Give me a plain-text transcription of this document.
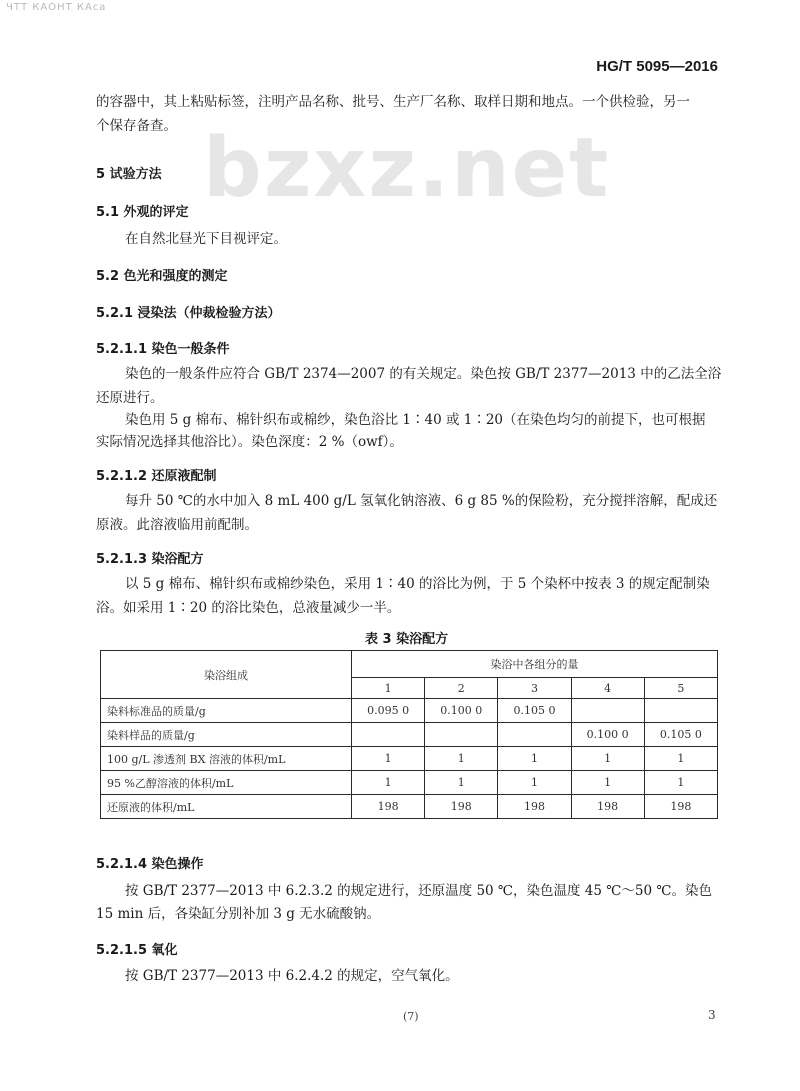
ЧТТ КАОНТ КАса
HG/T 5095—2016
bzxz.net
的容器中，其上粘贴标签，注明产品名称、批号、生产厂名称、取样日期和地点。一个供检验，另一
个保存备查。
5 试验方法
5.1 外观的评定
在自然北昼光下目视评定。
5.2 色光和强度的测定
5.2.1 浸染法（仲裁检验方法）
5.2.1.1 染色一般条件
染色的一般条件应符合 GB/T 2374—2007 的有关规定。染色按 GB/T 2377—2013 中的乙法全浴
还原进行。
染色用 5 g 棉布、棉针织布或棉纱，染色浴比 1∶40 或 1∶20（在染色均匀的前提下，也可根据
实际情况选择其他浴比）。染色深度：2 %（owf）。
5.2.1.2 还原液配制
每升 50 ℃的水中加入 8 mL 400 g/L 氢氧化钠溶液、6 g 85 %的保险粉，充分搅拌溶解，配成还
原液。此溶液临用前配制。
5.2.1.3 染浴配方
以 5 g 棉布、棉针织布或棉纱染色，采用 1∶40 的浴比为例，于 5 个染杯中按表 3 的规定配制染
浴。如采用 1∶20 的浴比染色，总液量减少一半。
表 3 染浴配方
染浴组成	染浴中各组分的量				
	1	2	3	4	5
染料标准品的质量/g	0.095 0	0.100 0	0.105 0		
染料样品的质量/g				0.100 0	0.105 0
100 g/L 渗透剂 BX 溶液的体积/mL	1	1	1	1	1
95 %乙醇溶液的体积/mL	1	1	1	1	1
还原液的体积/mL	198	198	198	198	198
5.2.1.4 染色操作
按 GB/T 2377—2013 中 6.2.3.2 的规定进行，还原温度 50 ℃，染色温度 45 ℃～50 ℃。染色
15 min 后，各染缸分别补加 3 g 无水硫酸钠。
5.2.1.5 氧化
按 GB/T 2377—2013 中 6.2.4.2 的规定，空气氧化。
(7)	3
